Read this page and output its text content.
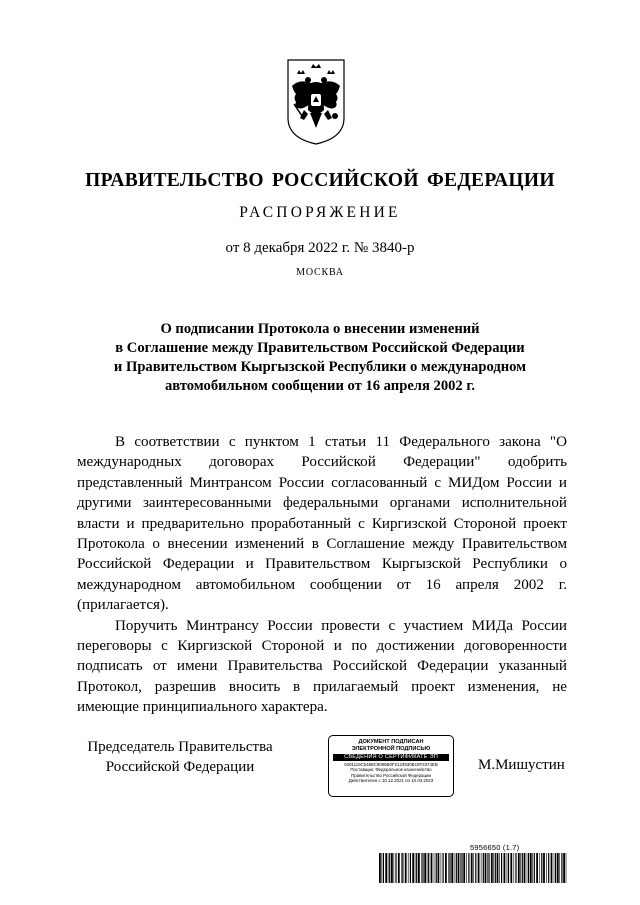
ПРАВИТЕЛЬСТВО РОССИЙСКОЙ ФЕДЕРАЦИИ
РАСПОРЯЖЕНИЕ
от 8 декабря 2022 г. № 3840-р
МОСКВА
О подписании Протокола о внесении изменений
в Соглашение между Правительством Российской Федерации
и Правительством Кыргызской Республики о международном
автомобильном сообщении от 16 апреля 2002 г.

В соответствии с пунктом 1 статьи 11 Федерального закона "О международных договорах Российской Федерации" одобрить представленный Минтрансом России согласованный с МИДом России и другими заинтересованными федеральными органами исполнительной власти и предварительно проработанный с Киргизской Стороной проект Протокола о внесении изменений в Соглашение между Правительством Российской Федерации и Правительством Кыргызской Республики о международном автомобильном сообщении от 16 апреля 2002 г. (прилагается).

Поручить Минтрансу России провести с участием МИДа России переговоры с Киргизской Стороной и по достижении договоренности подписать от имени Правительства Российской Федерации указанный Протокол, разрешив вносить в прилагаемый проект изменения, не имеющие принципиального характера.

Председатель Правительства
Российской Федерации
ДОКУМЕНТ ПОДПИСАН
ЭЛЕКТРОННОЙ ПОДПИСЬЮ
СВЕДЕНИЯ О СЕРТИФИКАТЕ ЭП
0401119C5468C9086B0F2123930B19F3374EB
Поставщик: Федеральное казначейство
Правительство Российской Федерации
Действителен с 10.12.2021 по 10.03.2023
М.Мишустин
5956650 (1.7)
